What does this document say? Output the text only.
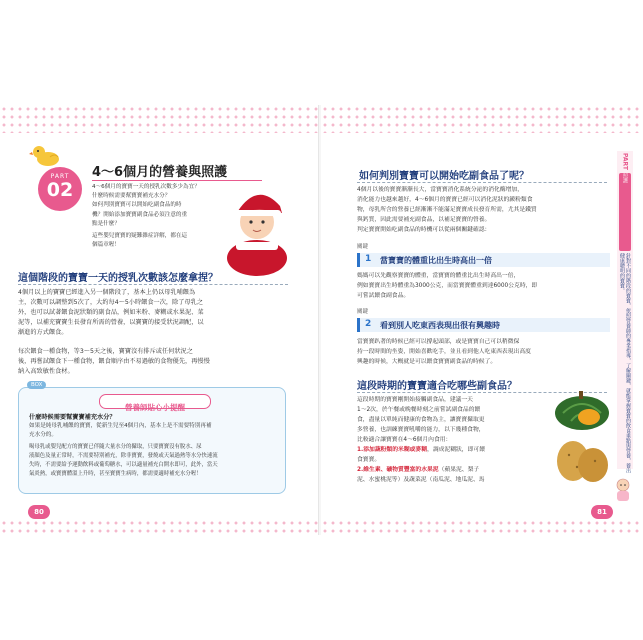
PART
02
4～6個月的營養與照護
4～6個月的寶寶一天的授乳次數多少為宜？
什麼時候需要幫寶寶補充水分？
如何判別寶寶可以開始吃副食品的時
機？開始添加寶寶副食品必須注意的重
點是什麼？
這些嬰兒寶寶的疑難雜症詳解，都在這
個篇章喔！
這個階段的寶寶一天的授乳次數該怎麼拿捏？
4個月以上的寶寶已經進入另一個階段了，基本上仍以母乳哺餵為
主，次數可以調整到5次了，大約每4～5小時餵食一次，除了母乳之
外，也可以試著餵食泥狀類的副食品，例如米粉、麥糊或水果泥、菜
泥等，以補充寶寶生長發育所需的營養，以寶寶的接受狀況調配，以
漸進的方式餵食。
每次餵食一種食物，等3～5天之後，寶寶沒有排斥或任何狀況之
後，再嘗試餵食下一種食物，餵食順序由不易過敏的食物優先，再慢慢
納入高致敏性食材。
BOX
營養師貼心小提醒
什麼時候需要幫寶寶補充水分？
如果是純母乳哺餵的寶寶，從新生兒至4個月內，基本上是不需要特別再補
充水分的。
喝母乳或嬰兒配方的寶寶已伴隨大量水分的攝取，只要寶寶沒有脫水、尿
液顏色及量正常時，不需要特別補充，除非寶寶，發燒或天氣過熱等水分快速流
失時，不需要給予運動飲料或葡萄糖水，可以適量補充白開水即可，此外，當天
氣炎熱，或寶寶體溫上升時，甚至寶寶生病時，都需要適時補充水分喔！
80
如何判別寶寶可以開始吃副食品了呢？
4個月以後的寶寶漸漸長大，當寶寶消化系統分泌的消化酶增加，
消化能力也越來越好，4～6個月的寶寶已經可以消化泥狀的澱粉類食
物，母乳所含的營養已經漸漸不能滿足寶寶成長發育所需，尤其是鐵質
與鈣質，因此需要補充副食品，以補足寶寶的營養。
判定寶寶開始吃副食品的時機可以從兩個關鍵確認：
關鍵
1 當寶寶的體重比出生時高出一倍
媽媽可以先觀察寶寶的體重，當寶寶的體重比出生時高出一倍，
例如寶寶出生時體重為3000公克，而當寶寶體重到達6000公克時，即
可嘗試餵食副食品。
關鍵
2 看到別人吃東西表現出很有興趣時
當寶寶趴著的時候已經可以撐起頭部，或是寶寶自己可以稍微保
持一段時間的坐姿，開始喜歡吃手，並且看到他人吃東西表現出高度
興趣的時候，大概就是可以餵食寶寶副食品的時候了。
這段時期的寶寶適合吃哪些副食品？
這段時期的寶寶剛開始接觸副食品，建議一天
1～2次，於午餐或晚餐時刻之前嘗試副食品的餵
食，盡量以單純而健康的食物為主，讓寶寶攝取更
多營養，也訓練寶寶吼嚼的能力，以下幾種食物，
比較適合讓寶寶在4～6個月內食用：
1.添加蔬粉類的米糊或麥糊，調成泥糊狀，即可餵
食寶寶。
2.維生素、礦物質豐富的水果泥（蘋果泥、梨子
泥、水蜜桃泥等）及蔬菜泥（南瓜泥、地瓜泥、馬
PART
0～12個月新生嬰兒的營養飲食與照護
針對不同的階段的寶寶，依照營養師的專業指導，了解關鍵，就能掌握寶寶的飲食重點與營養，養出健康聰明的寶寶。
81
